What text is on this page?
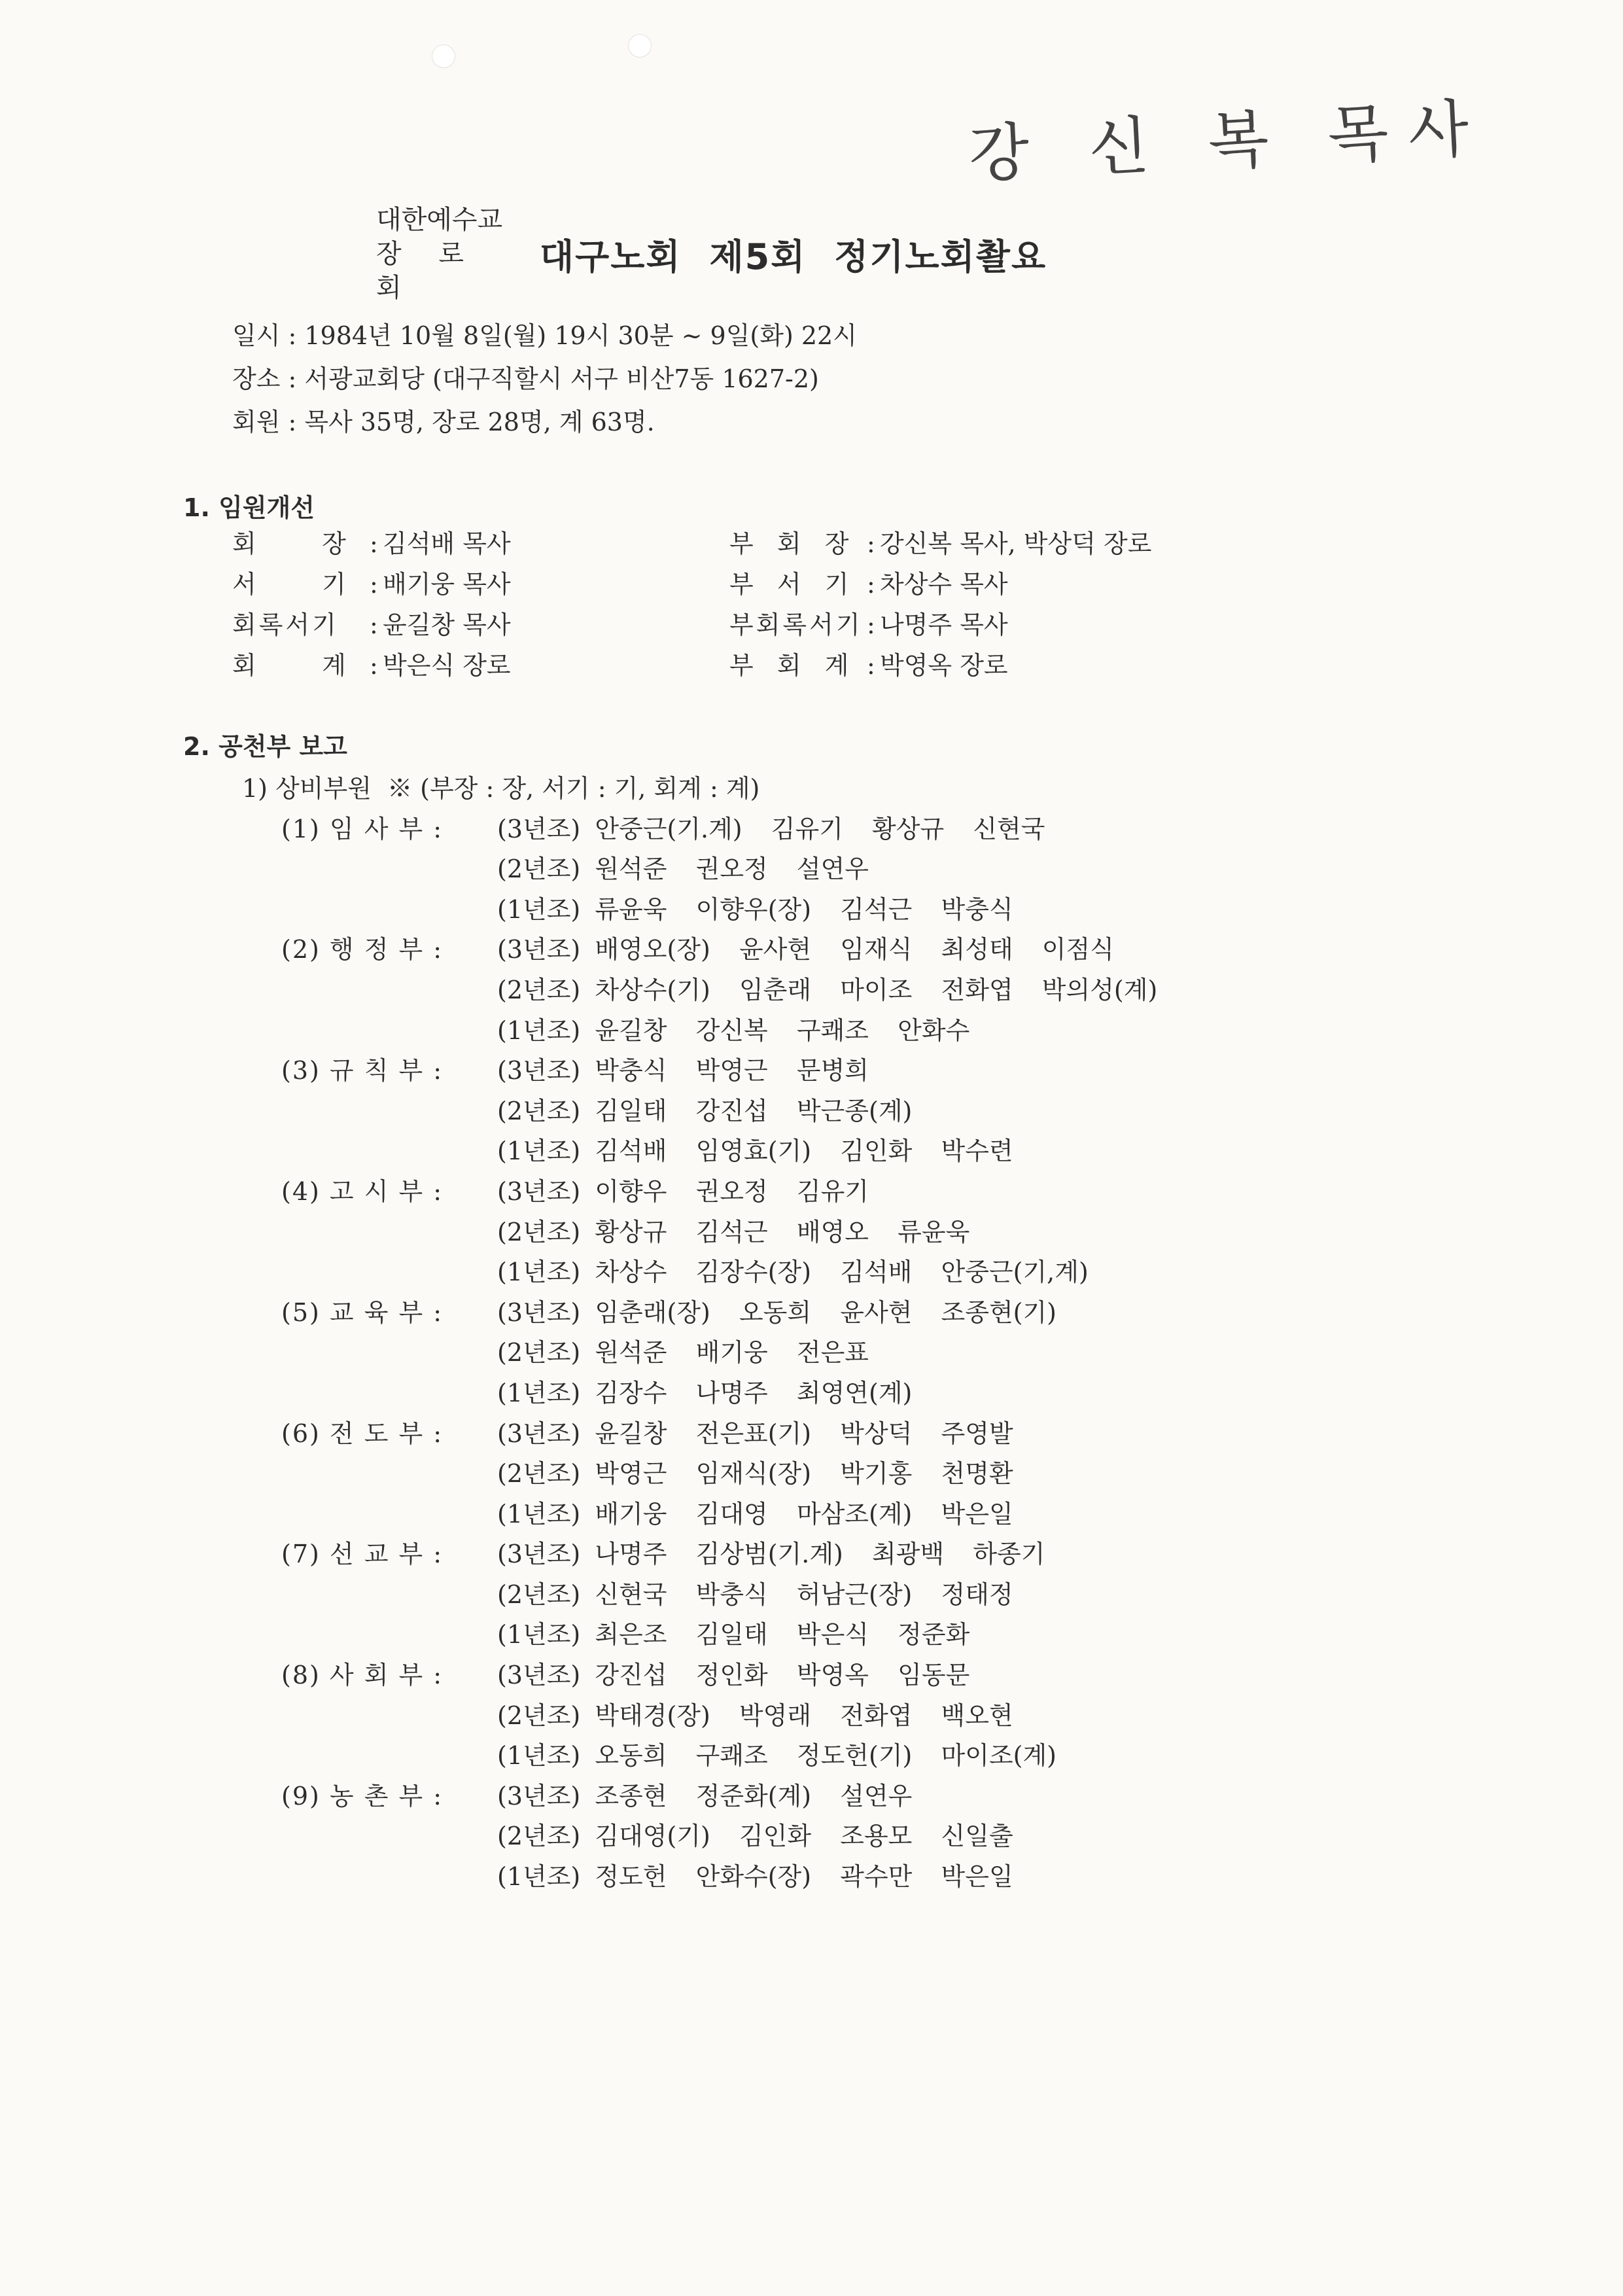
강 신 복 목사
대한예수교
장 로 회
대구노회 제5회 정기노회촬요
일시 : 1984년 10월 8일(월) 19시 30분 ~ 9일(화) 22시
장소 : 서광교회당 (대구직할시 서구 비산7동 1627-2)
회원 : 목사 35명, 장로 28명, 계 63명.
1. 임원개선
회      장 : 김석배 목사	부  회  장 : 강신복 목사, 박상덕 장로
서      기 : 배기웅 목사	부  서  기 : 차상수 목사
회록서기	: 윤길창 목사	부회록서기 : 나명주 목사
회      계 : 박은식 장로	부  회  계 : 박영옥 장로
2. 공천부 보고
1) 상비부원  ※ (부장 : 장, 서기 : 기, 회계 : 계)
(1) 임 사 부 :	(3년조) 안중근(기.계)  김유기  황상규  신현국
(2년조) 원석준  권오정  설연우
(1년조) 류윤욱  이향우(장)  김석근  박충식
(2) 행 정 부 :	(3년조) 배영오(장)  윤사현  임재식  최성태  이점식
(2년조) 차상수(기)  임춘래  마이조  전화엽  박의성(계)
(1년조) 윤길창  강신복  구쾌조  안화수
(3) 규 칙 부 :	(3년조) 박충식  박영근  문병희
(2년조) 김일태  강진섭  박근종(계)
(1년조) 김석배  임영효(기)  김인화  박수련
(4) 고 시 부 :	(3년조) 이향우  권오정  김유기
(2년조) 황상규  김석근  배영오  류윤욱
(1년조) 차상수  김장수(장)  김석배  안중근(기,계)
(5) 교 육 부 :	(3년조) 임춘래(장)  오동희  윤사현  조종현(기)
(2년조) 원석준  배기웅  전은표
(1년조) 김장수  나명주  최영연(계)
(6) 전 도 부 :	(3년조) 윤길창  전은표(기)  박상덕  주영발
(2년조) 박영근  임재식(장)  박기홍  천명환
(1년조) 배기웅  김대영  마삼조(계)  박은일
(7) 선 교 부 :	(3년조) 나명주  김상범(기.계)  최광백  하종기
(2년조) 신현국  박충식  허남근(장)  정태정
(1년조) 최은조  김일태  박은식  정준화
(8) 사 회 부 :	(3년조) 강진섭  정인화  박영옥  임동문
(2년조) 박태경(장)  박영래  전화엽  백오현
(1년조) 오동희  구쾌조  정도헌(기)  마이조(계)
(9) 농 촌 부 :	(3년조) 조종현  정준화(계)  설연우
(2년조) 김대영(기)  김인화  조용모  신일출
(1년조) 정도헌  안화수(장)  곽수만  박은일
